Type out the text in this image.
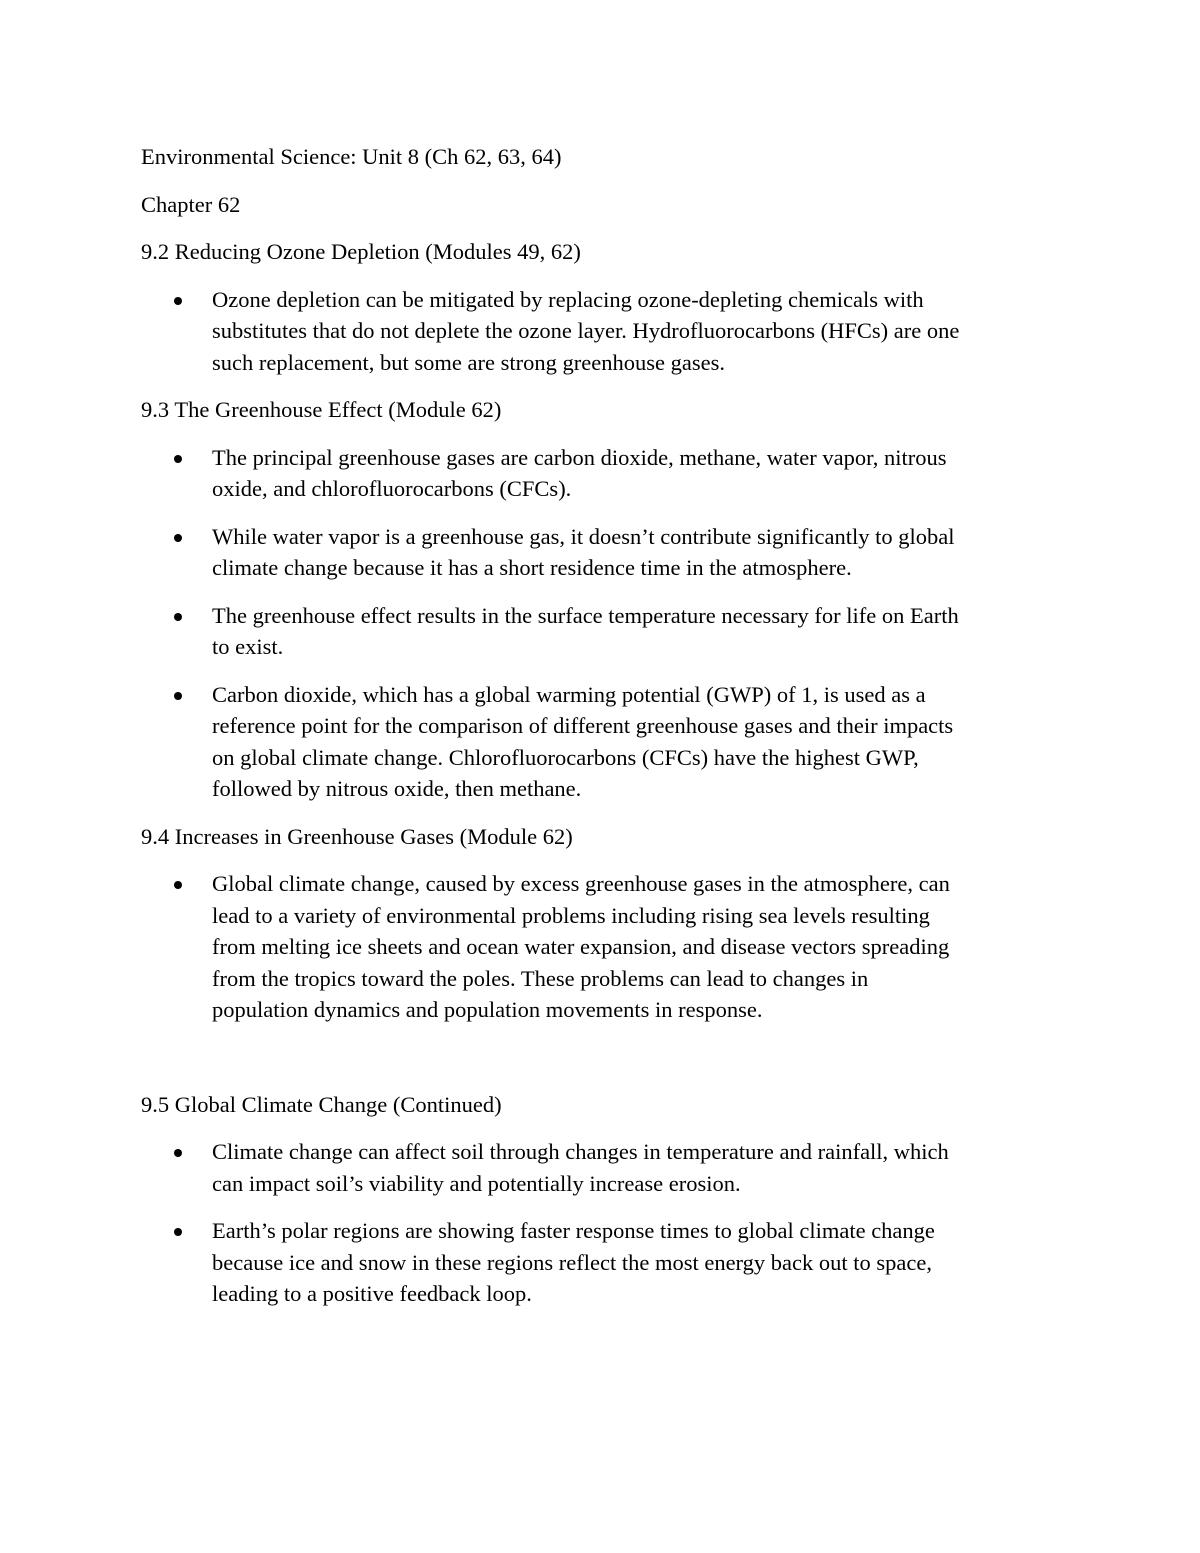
Environmental Science: Unit 8 (Ch 62, 63, 64)
Chapter 62
9.2 Reducing Ozone Depletion (Modules 49, 62)
Ozone depletion can be mitigated by replacing ozone-depleting chemicals with
substitutes that do not deplete the ozone layer. Hydrofluorocarbons (HFCs) are one
such replacement, but some are strong greenhouse gases.
9.3 The Greenhouse Effect (Module 62)
The principal greenhouse gases are carbon dioxide, methane, water vapor, nitrous
oxide, and chlorofluorocarbons (CFCs).
While water vapor is a greenhouse gas, it doesn’t contribute significantly to global
climate change because it has a short residence time in the atmosphere.
The greenhouse effect results in the surface temperature necessary for life on Earth
to exist.
Carbon dioxide, which has a global warming potential (GWP) of 1, is used as a
reference point for the comparison of different greenhouse gases and their impacts
on global climate change. Chlorofluorocarbons (CFCs) have the highest GWP,
followed by nitrous oxide, then methane.
9.4 Increases in Greenhouse Gases (Module 62)
Global climate change, caused by excess greenhouse gases in the atmosphere, can
lead to a variety of environmental problems including rising sea levels resulting
from melting ice sheets and ocean water expansion, and disease vectors spreading
from the tropics toward the poles. These problems can lead to changes in
population dynamics and population movements in response.
9.5 Global Climate Change (Continued)
Climate change can affect soil through changes in temperature and rainfall, which
can impact soil’s viability and potentially increase erosion.
Earth’s polar regions are showing faster response times to global climate change
because ice and snow in these regions reflect the most energy back out to space,
leading to a positive feedback loop.
